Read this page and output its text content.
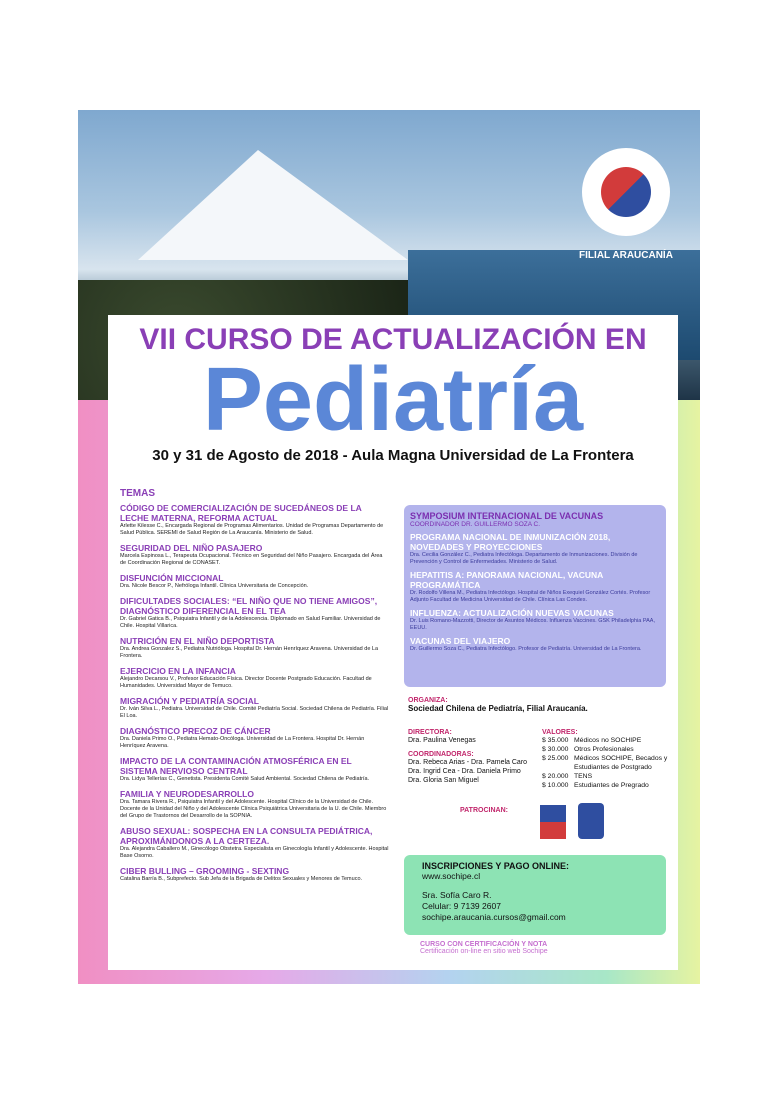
FILIAL ARAUCANÍA
VII CURSO DE ACTUALIZACIÓN EN
Pediatría
30 y 31 de Agosto de 2018 - Aula Magna Universidad de La Frontera
TEMAS
CÓDIGO DE COMERCIALIZACIÓN DE SUCEDÁNEOS DE LA LECHE MATERNA, REFORMA ACTUAL
Arlette Kilesse C., Encargada Regional de Programas Alimentarios. Unidad de Programas Departamento de Salud Pública. SEREMI de Salud Región de La Araucanía. Ministerio de Salud.
SEGURIDAD DEL NIÑO PASAJERO
Marcela Espinosa L., Terapeuta Ocupacional. Técnico en Seguridad del Niño Pasajero. Encargada del Área de Coordinación Regional de CONASET.
DISFUNCIÓN MICCIONAL
Dra. Nicole Bescor P., Nefróloga Infantil. Clínica Universitaria de Concepción.
DIFICULTADES SOCIALES: “EL NIÑO QUE NO TIENE AMIGOS”, DIAGNÓSTICO DIFERENCIAL EN EL TEA
Dr. Gabriel Gatica B., Psiquiatra Infantil y de la Adolescencia. Diplomado en Salud Familiar. Universidad de Chile. Hospital Villarica.
NUTRICIÓN EN EL NIÑO DEPORTISTA
Dra. Andrea Gonzalez S., Pediatra Nutrióloga. Hospital Dr. Hernán Henríquez Aravena. Universidad de La Frontera.
EJERCICIO EN LA INFANCIA
Alejandro Decarsou V., Profesor Educación Física. Director Docente Postgrado Educación. Facultad de Humanidades. Universidad Mayor de Temuco.
MIGRACIÓN Y PEDIATRÍA SOCIAL
Dr. Iván Silva L., Pediatra. Universidad de Chile. Comité Pediatría Social. Sociedad Chilena de Pediatría. Filial El Loa.
DIAGNÓSTICO PRECOZ DE CÁNCER
Dra. Daniela Primo O., Pediatra Hemato-Oncóloga. Universidad de La Frontera. Hospital Dr. Hernán Henríquez Aravena.
IMPACTO DE LA CONTAMINACIÓN ATMOSFÉRICA EN EL SISTEMA NERVIOSO CENTRAL
Dra. Lidya Tellerías C., Genetista. Presidenta Comité Salud Ambiental. Sociedad Chilena de Pediatría.
FAMILIA Y NEURODESARROLLO
Dra. Tamara Rivera R., Psiquiatra Infantil y del Adolescente. Hospital Clínico de la Universidad de Chile. Docente de la Unidad del Niño y del Adolescente Clínica Psiquiátrica Universitaria de la U. de Chile. Miembro del Grupo de Trastornos del Desarrollo de la SOPNIA.
ABUSO SEXUAL: SOSPECHA EN LA CONSULTA PEDIÁTRICA, APROXIMÁNDONOS A LA CERTEZA.
Dra. Alejandra Caballero M., Ginecólogo Obstetra. Especialista en Ginecología Infantil y Adolescente. Hospital Base Osorno.
CIBER BULLING – GROOMING - SEXTING
Catalina Barría B., Subprefecto. Sub Jefa de la Brigada de Delitos Sexuales y Menores de Temuco.
SYMPOSIUM INTERNACIONAL DE VACUNAS
COORDINADOR DR. GUILLERMO SOZA C.
PROGRAMA NACIONAL DE INMUNIZACIÓN 2018, NOVEDADES Y PROYECCIONES
Dra. Cecilia González C., Pediatra Infectóloga. Departamento de Inmunizaciones. División de Prevención y Control de Enfermedades. Ministerio de Salud.
HEPATITIS A: PANORAMA NACIONAL, VACUNA PROGRAMÁTICA
Dr. Rodolfo Villena M., Pediatra Infectólogo. Hospital de Niños Exequiel González Cortés. Profesor Adjunto Facultad de Medicina Universidad de Chile. Clínica Las Condes.
INFLUENZA: ACTUALIZACIÓN NUEVAS VACUNAS
Dr. Luis Romano-Mazzotti, Director de Asuntos Médicos. Influenza Vaccines. GSK Philadelphia PAA, EEUU.
VACUNAS DEL VIAJERO
Dr. Guillermo Soza C., Pediatra Infectólogo. Profesor de Pediatría. Universidad de La Frontera.
ORGANIZA:
Sociedad Chilena de Pediatría, Filial Araucanía.
DIRECTORA:
Dra. Paulina Venegas
COORDINADORAS:
Dra. Rebeca Arias - Dra. Pamela Caro
Dra. Ingrid Cea - Dra. Daniela Primo
Dra. Gloria San Miguel
VALORES:
$ 35.000 Médicos no SOCHIPE
$ 30.000 Otros Profesionales
$ 25.000 Médicos SOCHIPE, Becados y Estudiantes de Postgrado
$ 20.000 TENS
$ 10.000 Estudiantes de Pregrado
PATROCINAN:
INSCRIPCIONES Y PAGO ONLINE:
www.sochipe.cl
Sra. Sofía Caro R.
Celular: 9 7139 2607
sochipe.araucania.cursos@gmail.com
CURSO CON CERTIFICACIÓN Y NOTA
Certificación on-line en sitio web Sochipe
